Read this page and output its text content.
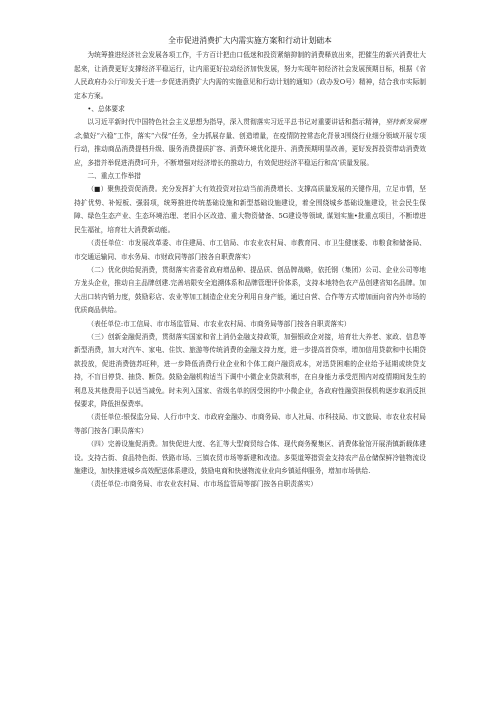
全市促进消费扩大内需实施方案和行动计划础本

为统筹推进经济社会发展各项工作，千方百计把由口低迷和投资紧缩抑制的消费释放出来，把催生的新兴消费壮大起来，让消费更好支撑经济平稳运行，让内需更好拉动经济加快发展，努力实现年初经济社会发展预期目标，根据《省人民政府办公厅印发关于进一步促进消费扩大内需的实施意见和行动计划的通知》（政办发O号）精神，结合我市实际制定本方案。

•、总体要求

以习近平新时代中国特色社会主义思想为指导，深入贯彻落实习近平总书记对重要讲话和指示精神，坚持新发展理念,做好“六稳”工作，落实“六保”任务，全力抓展存量、创造增量，在疫情防控常态化背景3围绕行业细分领域开展专项行动，推动商品消费提档升级、服务消费提质扩容、消费环境优化提升、消费预期明显改善，更好发挥投资带动消费效应，多措并举促进消费I可升，不断增强对经济增长的推动力，有效促进经济平稳运行和高’质量发展。

二、重点工作举措

（■）聚焦投资促消费。充分发挥扩大有效投资对拉动当前消费增长、支撑高质量发展的关键作用，立足市情，坚持扩优势、补短板、强弱项，统筹推进传统基础设施和新型基础设施建设，着全围绕城乡基础设施建设，社会民生保障、绿色生态产业、生态环境治理、老旧小区改造、重大物资储备、5G建设等领域, 谋划实施•批重点项目，不断增进民生福祉，培育壮大消费新动能。

（责任单位：市发展改革委、市住建局、市工信局、市农业农村局、市教育同、市卫生健康委、市粮食和储备局、市交通运输同、市水务局、市财政同等部门按各自职费落实）

（二）优化供给促消费，贯彻落实省委省政府增品种、提品质、创品牌战略，依托钢（集团）公司、企业公司等地方龙头企业，推动自主品牌创建.完善培限安全追溯体系和品牌管理评价体系，支持本地特色农产品创建省知名品牌。加大出口转内销力度，鼓励彩店、农业等加工制造企业充分利用自身产能，通过自营、合作等方式增加面向省内外市场的优质商品供给。

（表任单位:市工信局、市市场监管局、市农业农村局、市商务局等部门按各自职责落实）

（三）创新金融促消费，贯彻落实国家和省上消仍金融支持政策，加强银政企对接，培育壮大养老、家政、信息等新型消费，加大对汽车、家电、住饮、旅游等传统消费的金融支持力度，进一步提高首贷率，增加信用贷款和中长期贷款投放，促进消费链苏旺种，进一步降低消费行业企业和个体工商户融资成本，对迅贷困难的企业给予延期或续贷支持，不盲目停贷、抽贷、断贷。鼓励金融机构适当下调中小微企业贷款利率，在自身能力承受范围内对疫情期间发生的利息及其他费用予以适当减免。时未列入国家、省级名单的因受困的中小微企业，各政府性融资担保机构逐步取消反担保要求，降低担保费率。

（责任单位:银保监分局、人行市中支、市政府金融办、市商务局、市人社局、市科技局、市文旅局、市农业农村局等部门按各门职员落实）

（四）完善设施促消费。加快促进大度、名汇等大型商贸综合体、现代商务聚集区、消费体验馆开展消镇新载体建设。支持古街、食品特色街、铁路市场、三镇农贸市场等新建和改造。多渠道筹措资金支持农产品仓储保鲜冷链物流设施建设，加快推进城乡高效配送体系建设，鼓励电商和快递物流业业向乡镇延伸服务，增加市场供给.

（责任单位:市商务局、市农业农村局、市市场监管局等部门按各自职责落实）
